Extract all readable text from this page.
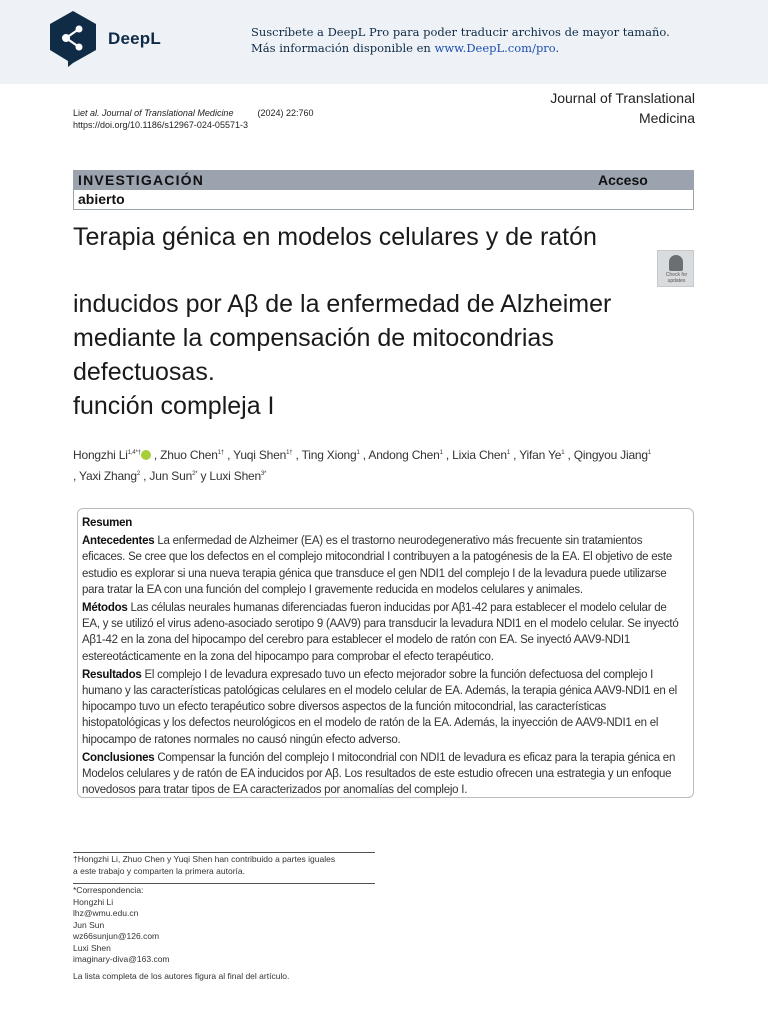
DeepL	Suscríbete a DeepL Pro para poder traducir archivos de mayor tamaño.
Más información disponible en www.DeepL.com/pro.
Li et al.
Journal of Translational Medicine	(2024) 22:760
https://doi.org/10.1186/s12967-024-05571-3
Journal of Translational
Medicina
INVESTIGACIÓN	Acceso
abierto
Terapia génica en modelos celulares y de ratón
Check for
updates
inducidos por Aβ de la enfermedad de Alzheimer
mediante la compensación de mitocondrias
defectuosas.
función compleja I
Hongzhi $Li^{1,4*\dagger}$ , Zhuo Chen$^{1\dagger}$ , Yuqi Shen$^{1\dagger}$ , Ting Xiong$^1$ , Andong Chen$^1$ , Lixia Chen$^1$ , Yifan Ye$^1$ , Qingyou Jiang$^1$
, Yaxi Zhang$^2$ , Jun Sun$^{2*}$ y Luxi Shen$^{3*}$
Resumen

Antecedentes La enfermedad de Alzheimer (EA) es el trastorno neurodegenerativo más frecuente sin tratamientos eficaces. Se cree que los defectos en el complejo mitocondrial I contribuyen a la patogénesis de la EA. El objetivo de este estudio es explorar si una nueva terapia génica que transduce el gen NDI1 del complejo I de la levadura puede utilizarse para tratar la EA con una función del complejo I gravemente reducida en modelos celulares y animales.

Métodos Las células neurales humanas diferenciadas fueron inducidas por Aβ1-42 para establecer el modelo celular de EA, y se utilizó el virus adeno-asociado serotipo 9 (AAV9) para transducir la levadura NDI1 en el modelo celular. Se inyectó Aβ1-42 en la zona del hipocampo del cerebro para establecer el modelo de ratón con EA. Se inyectó AAV9-NDI1 estereotácticamente en la zona del hipocampo para comprobar el efecto terapéutico.

Resultados El complejo I de levadura expresado tuvo un efecto mejorador sobre la función defectuosa del complejo I humano y las características patológicas celulares en el modelo celular de EA. Además, la terapia génica AAV9-NDI1 en el hipocampo tuvo un efecto terapéutico sobre diversos aspectos de la función mitocondrial, las características histopatológicas y los defectos neurológicos en el modelo de ratón de la EA. Además, la inyección de AAV9-NDI1 en el hipocampo de ratones normales no causó ningún efecto adverso.

Conclusiones Compensar la función del complejo I mitocondrial con NDI1 de levadura es eficaz para la terapia génica en
Modelos celulares y de ratón de EA inducidos por Aβ. Los resultados de este estudio ofrecen una estrategia y un enfoque novedosos para tratar tipos de EA caracterizados por anomalías del complejo I.

†Hongzhi Li, Zhuo Chen y Yuqi Shen han contribuido a partes iguales
a este trabajo y comparten la primera autoría.
*Correspondencia:
Hongzhi Li
lhz@wmu.edu.cn
Jun Sun
wz66sunjun@126.com
Luxi Shen
imaginary-diva@163.com
La lista completa de los autores figura al final del artículo.
